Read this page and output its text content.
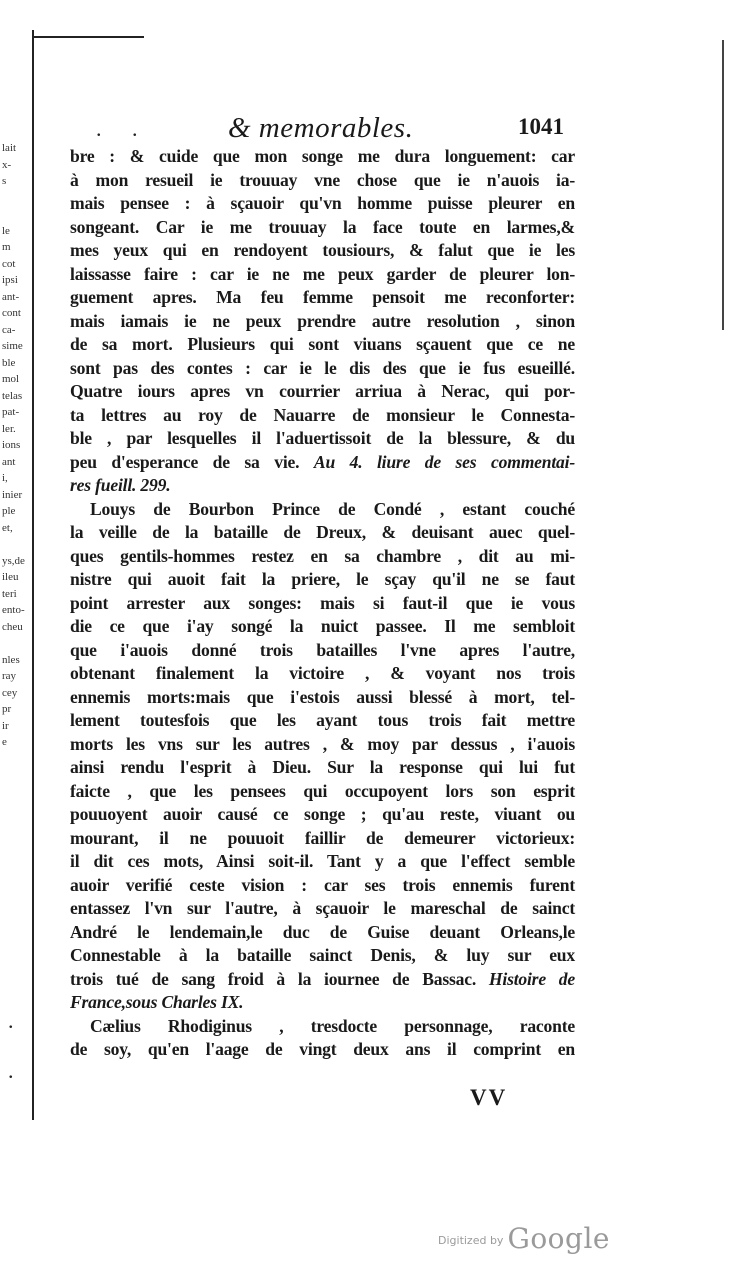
. .
.
.
lait
x-
s
le
m
cot
ipsi
ant-
cont
ca-
sime
ble
mol
telas
pat-
ler.
ions
ant
i,
inier
ple
et,
ys,de
ileu
teri
ento-
cheu
nles
ray
cey
pr
ir
e
& memorables.	1041
bre : & cuide que mon songe me dura longuement: car
à mon resueil ie trouuay vne chose que ie n'auois ia-
mais pensee : à sçauoir qu'vn homme puisse pleurer en
songeant. Car ie me trouuay la face toute en larmes,&
mes yeux qui en rendoyent tousiours, & falut que ie les
laissasse faire : car ie ne me peux garder de pleurer lon-
guement apres. Ma feu femme pensoit me reconforter:
mais iamais ie ne peux prendre autre resolution , sinon
de sa mort. Plusieurs qui sont viuans sçauent que ce ne
sont pas des contes : car ie le dis des que ie fus esueillé.
Quatre iours apres vn courrier arriua à Nerac, qui por-
ta lettres au roy de Nauarre de monsieur le Connesta-
ble , par lesquelles il l'aduertissoit de la blessure, & du
peu d'esperance de sa vie. Au 4. liure de ses commentai-
res fueill. 299.
Louys de Bourbon Prince de Condé , estant couché
la veille de la bataille de Dreux, & deuisant auec quel-
ques gentils-hommes restez en sa chambre , dit au mi-
nistre qui auoit fait la priere, le sçay qu'il ne se faut
point arrester aux songes: mais si faut-il que ie vous
die ce que i'ay songé la nuict passee. Il me sembloit
que i'auois donné trois batailles l'vne apres l'autre,
obtenant finalement la victoire , & voyant nos trois
ennemis morts:mais que i'estois aussi blessé à mort, tel-
lement toutesfois que les ayant tous trois fait mettre
morts les vns sur les autres , & moy par dessus , i'auois
ainsi rendu l'esprit à Dieu. Sur la response qui lui fut
faicte , que les pensees qui occupoyent lors son esprit
pouuoyent auoir causé ce songe ; qu'au reste, viuant ou
mourant, il ne pouuoit faillir de demeurer victorieux:
il dit ces mots, Ainsi soit-il. Tant y a que l'effect semble
auoir verifié ceste vision : car ses trois ennemis furent
entassez l'vn sur l'autre, à sçauoir le mareschal de sainct
André le lendemain,le duc de Guise deuant Orleans,le
Connestable à la bataille sainct Denis, & luy sur eux
trois tué de sang froid à la iournee de Bassac. Histoire de
France,sous Charles IX.
Cælius Rhodiginus , tresdocte personnage, raconte
de soy, qu'en l'aage de vingt deux ans il comprint en
VV
$^{Digitized by}$ Google
